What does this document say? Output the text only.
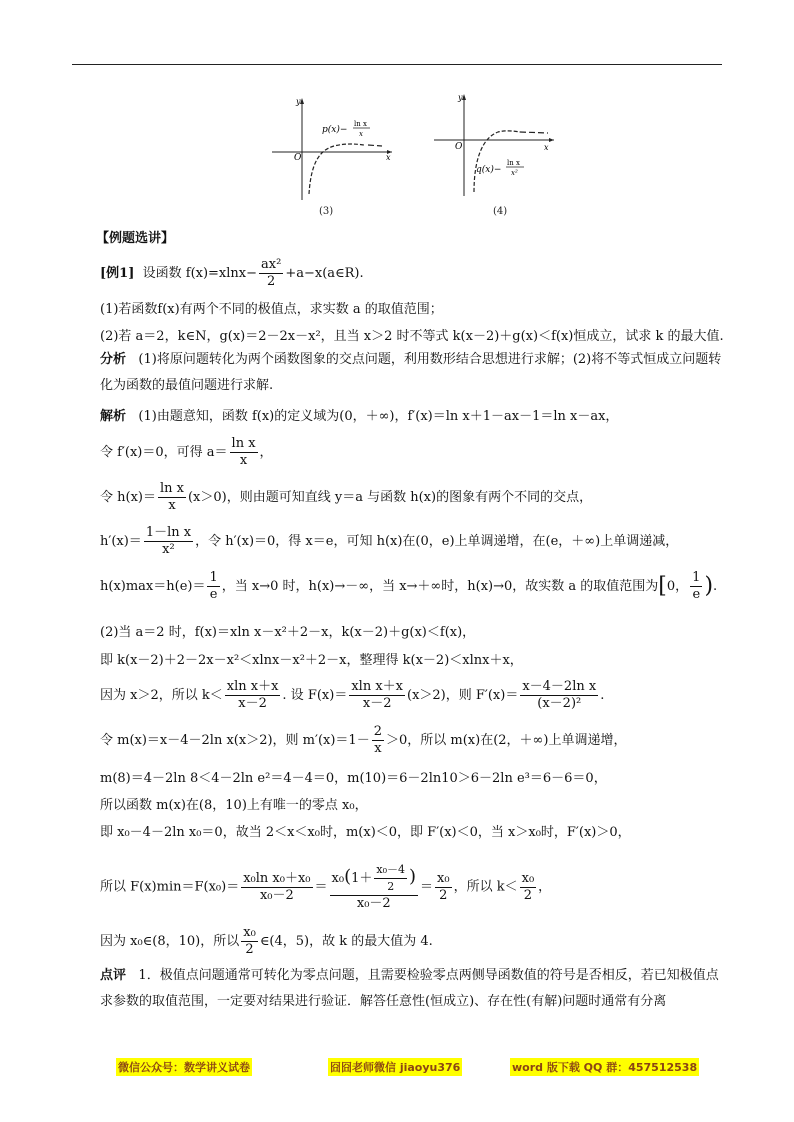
O	x
y
p(x)−
ln x
x
(3)
O	x
y
q(x)−
ln x
x²
(4)
【例题选讲】
[例1] 设函数 $f(x)=xlnx- \frac{\text{ax²}}{2}$ +a−x(a∈R).
(1)若函数f(x)有两个不同的极值点，求实数 a 的取值范围；
(2)若 a＝2，k∈N，g(x)＝2－2x－x²，且当 x＞2 时不等式 k(x－2)＋g(x)＜f(x)恒成立，试求 k 的最大值.
分析 (1)将原问题转化为两个函数图象的交点问题，利用数形结合思想进行求解；(2)将不等式恒成立问题转化为函数的最值问题进行求解.
解析 (1)由题意知，函数 f(x)的定义域为(0，＋∞)，f′(x)＝ln x＋1－ax－1＝ln x－ax，
令 f′(x)＝0，可得 $a= \frac{\text{ln x}}{x}$ ，
令 $h(x)= \frac{\text{ln x}}{x} (x>0)$，则由题可知直线 y＝a 与函数 h(x)的图象有两个不同的交点，
$h'(x)= \frac{\text{1－ln x}}{\text{x²}}$ ，令 h′(x)＝0，得 x＝e，可知 h(x)在(0，e)上单调递增，在(e，＋∞)上单调递减，
$h(x)\max=h(e)= \frac{1}{e}$ ，当 x→0 时，h(x)→－∞，当 x→＋∞时，h(x)→0，故实数 a 的取值范围为[0， $\frac{1}{e}$ ).
(2)当 a＝2 时，f(x)＝xln x－x²＋2－x，k(x－2)＋g(x)＜f(x)，
即 k(x－2)＋2－2x－x²＜xlnx－x²＋2－x，整理得 k(x－2)＜xlnx＋x，
因为 x＞2，所以 $k< \frac{\text{xln x＋x}}{x-2}$ . 设 $F(x)= \frac{\text{xln x＋x}}{x-2} (x>2)$，则 $F'(x)= \frac{\text{x－4－2ln x}}{\text{(x－2)²}}$ .
令 m(x)＝x－4－2ln x(x＞2)，则 $m'(x)=1- \frac{2}{x} >0$，所以 m(x)在(2，＋∞)上单调递增，
m(8)＝4－2ln 8＜4－2ln e²＝4－4＝0，m(10)＝6－2ln10＞6－2ln e³＝6－6＝0，
所以函数 m(x)在(8，10)上有唯一的零点 x₀，
即 x₀－4－2ln x₀＝0，故当 2＜x＜x₀时，m(x)＜0，即 F′(x)＜0，当 x＞x₀时，F′(x)＞0，
所以 $F(x)\min=F(x_0)= \frac{\text{x₀ln x₀＋x₀}}{\text{x₀－2}} = \frac{x_0(1+ \frac{\text{x₀－4}}{2} )}{\text{x₀－2}} = \frac{\text{x₀}}{2}$ ，所以 $k< \frac{\text{x₀}}{2}$ ，
因为 x₀∈(8，10)，所以 $\frac{\text{x₀}}{2}$ ∈(4，5)，故 k 的最大值为 4.
点评 1．极值点问题通常可转化为零点问题，且需要检验零点两侧导函数值的符号是否相反，若已知极值点求参数的取值范围，一定要对结果进行验证．解答任意性(恒成立)、存在性(有解)问题时通常有分离
微信公众号：数学讲义试卷	囧囧老师微信 jiaoyu376	word 版下载 QQ 群：457512538
